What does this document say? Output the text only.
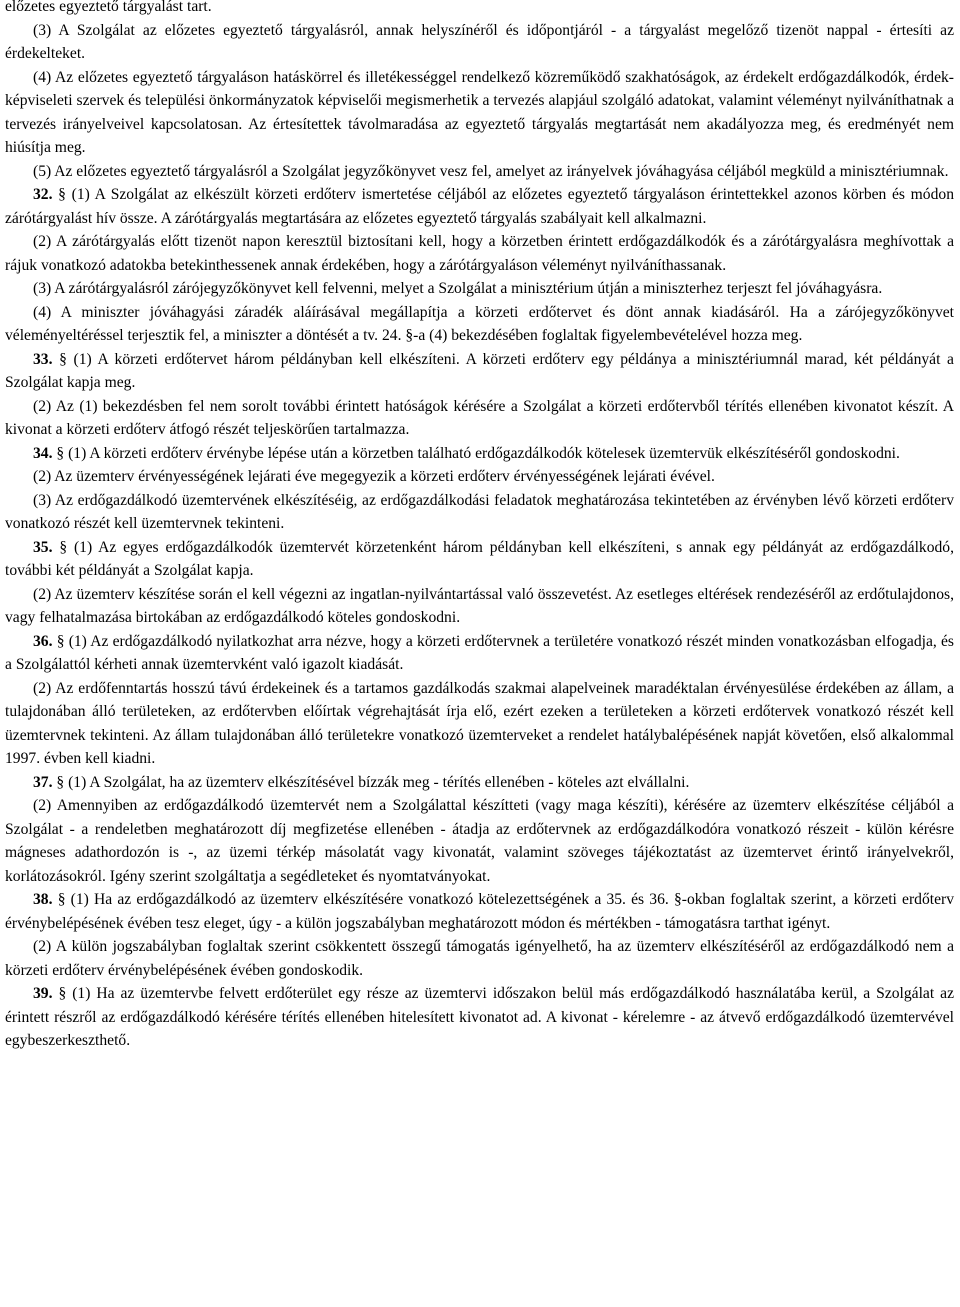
előzetes egyeztető tárgyalást tart.

(3) A Szolgálat az előzetes egyeztető tárgyalásról, annak helyszínéről és időpontjáról - a tárgyalást megelőző tizenöt nappal - értesíti az érdekelteket.

(4) Az előzetes egyeztető tárgyaláson hatáskörrel és illetékességgel rendelkező közreműködő szakhatóságok, az érdekelt erdőgazdálkodók, érdek-képviseleti szervek és települési önkormányzatok képviselői megismerhetik a tervezés alapjául szolgáló adatokat, valamint véleményt nyilváníthatnak a tervezés irányelveivel kapcsolatosan. Az értesítettek távolmaradása az egyeztető tárgyalás megtartását nem akadályozza meg, és eredményét nem hiúsítja meg.

(5) Az előzetes egyeztető tárgyalásról a Szolgálat jegyzőkönyvet vesz fel, amelyet az irányelvek jóváhagyása céljából megküld a minisztériumnak.

32. § (1) A Szolgálat az elkészült körzeti erdőterv ismertetése céljából az előzetes egyeztető tárgyaláson érintettekkel azonos körben és módon zárótárgyalást hív össze. A zárótárgyalás megtartására az előzetes egyeztető tárgyalás szabályait kell alkalmazni.

(2) A zárótárgyalás előtt tizenöt napon keresztül biztosítani kell, hogy a körzetben érintett erdőgazdálkodók és a zárótárgyalásra meghívottak a rájuk vonatkozó adatokba betekinthessenek annak érdekében, hogy a zárótárgyaláson véleményt nyilváníthassanak.

(3) A zárótárgyalásról zárójegyzőkönyvet kell felvenni, melyet a Szolgálat a minisztérium útján a miniszterhez terjeszt fel jóváhagyásra.

(4) A miniszter jóváhagyási záradék aláírásával megállapítja a körzeti erdőtervet és dönt annak kiadásáról. Ha a zárójegyzőkönyvet véleményeltéréssel terjesztik fel, a miniszter a döntését a tv. 24. §-a (4) bekezdésében foglaltak figyelembevételével hozza meg.

33. § (1) A körzeti erdőtervet három példányban kell elkészíteni. A körzeti erdőterv egy példánya a minisztériumnál marad, két példányát a Szolgálat kapja meg.

(2) Az (1) bekezdésben fel nem sorolt további érintett hatóságok kérésére a Szolgálat a körzeti erdőtervből térítés ellenében kivonatot készít. A kivonat a körzeti erdőterv átfogó részét teljeskörűen tartalmazza.

34. § (1) A körzeti erdőterv érvénybe lépése után a körzetben található erdőgazdálkodók kötelesek üzemtervük elkészítéséről gondoskodni.

(2) Az üzemterv érvényességének lejárati éve megegyezik a körzeti erdőterv érvényességének lejárati évével.

(3) Az erdőgazdálkodó üzemtervének elkészítéséig, az erdőgazdálkodási feladatok meghatározása tekintetében az érvényben lévő körzeti erdőterv vonatkozó részét kell üzemtervnek tekinteni.

35. § (1) Az egyes erdőgazdálkodók üzemtervét körzetenként három példányban kell elkészíteni, s annak egy példányát az erdőgazdálkodó, további két példányát a Szolgálat kapja.

(2) Az üzemterv készítése során el kell végezni az ingatlan-nyilvántartással való összevetést. Az esetleges eltérések rendezéséről az erdőtulajdonos, vagy felhatalmazása birtokában az erdőgazdálkodó köteles gondoskodni.

36. § (1) Az erdőgazdálkodó nyilatkozhat arra nézve, hogy a körzeti erdőtervnek a területére vonatkozó részét minden vonatkozásban elfogadja, és a Szolgálattól kérheti annak üzemtervként való igazolt kiadását.

(2) Az erdőfenntartás hosszú távú érdekeinek és a tartamos gazdálkodás szakmai alapelveinek maradéktalan érvényesülése érdekében az állam, a tulajdonában álló területeken, az erdőtervben előírtak végrehajtását írja elő, ezért ezeken a területeken a körzeti erdőtervek vonatkozó részét kell üzemtervnek tekinteni. Az állam tulajdonában álló területekre vonatkozó üzemterveket a rendelet hatálybalépésének napját követően, első alkalommal 1997. évben kell kiadni.

37. § (1) A Szolgálat, ha az üzemterv elkészítésével bízzák meg - térítés ellenében - köteles azt elvállalni.

(2) Amennyiben az erdőgazdálkodó üzemtervét nem a Szolgálattal készítteti (vagy maga készíti), kérésére az üzemterv elkészítése céljából a Szolgálat - a rendeletben meghatározott díj megfizetése ellenében - átadja az erdőtervnek az erdőgazdálkodóra vonatkozó részeit - külön kérésre mágneses adathordozón is -, az üzemi térkép másolatát vagy kivonatát, valamint szöveges tájékoztatást az üzemtervet érintő irányelvekről, korlátozásokról. Igény szerint szolgáltatja a segédleteket és nyomtatványokat.

38. § (1) Ha az erdőgazdálkodó az üzemterv elkészítésére vonatkozó kötelezettségének a 35. és 36. §-okban foglaltak szerint, a körzeti erdőterv érvénybelépésének évében tesz eleget, úgy - a külön jogszabályban meghatározott módon és mértékben - támogatásra tarthat igényt.

(2) A külön jogszabályban foglaltak szerint csökkentett összegű támogatás igényelhető, ha az üzemterv elkészítéséről az erdőgazdálkodó nem a körzeti erdőterv érvénybelépésének évében gondoskodik.

39. § (1) Ha az üzemtervbe felvett erdőterület egy része az üzemtervi időszakon belül más erdőgazdálkodó használatába kerül, a Szolgálat az érintett részről az erdőgazdálkodó kérésére térítés ellenében hitelesített kivonatot ad. A kivonat - kérelemre - az átvevő erdőgazdálkodó üzemtervével egybeszerkeszthető.
